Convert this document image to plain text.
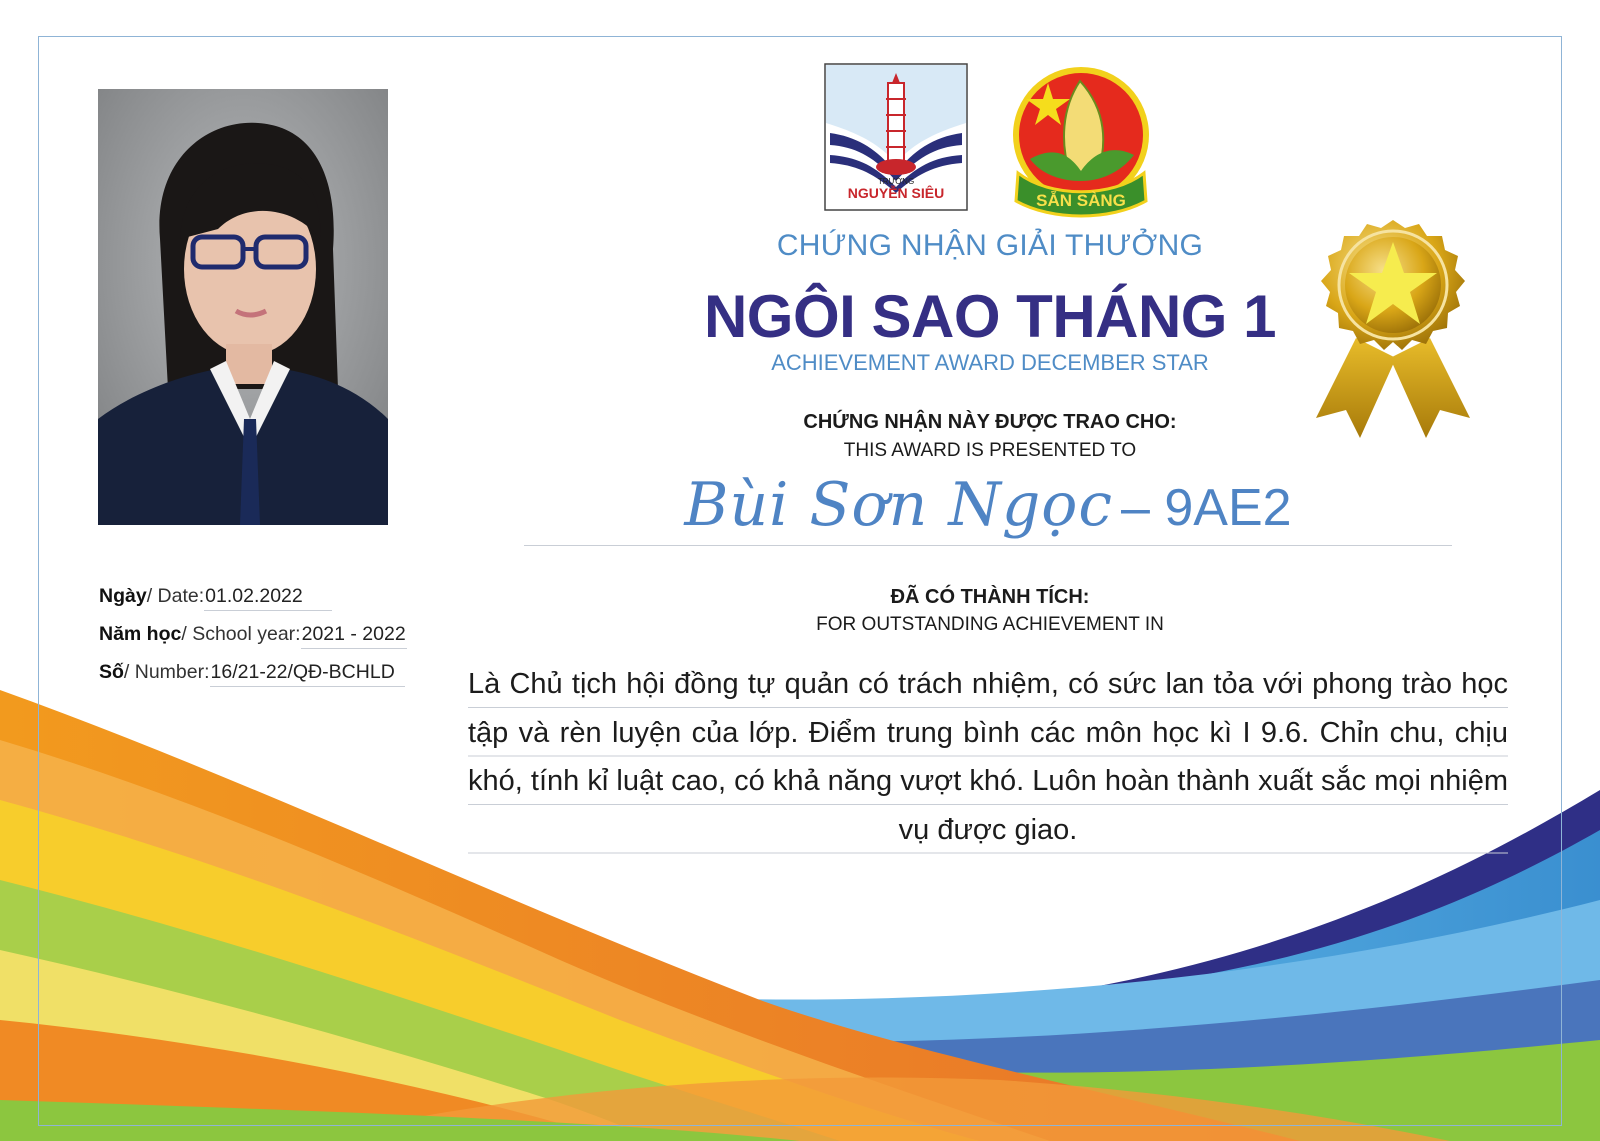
TRƯỜNG
NGUYỄN SIÊU	SẴN SÀNG
CHỨNG NHẬN GIẢI THƯỞNG
NGÔI SAO THÁNG 1
ACHIEVEMENT AWARD DECEMBER STAR
CHỨNG NHẬN NÀY ĐƯỢC TRAO CHO:
THIS AWARD IS PRESENTED TO
Bùi Sơn Ngọc – 9AE2
ĐÃ CÓ THÀNH TÍCH:
FOR OUTSTANDING ACHIEVEMENT IN
Là Chủ tịch hội đồng tự quản có trách nhiệm, có sức lan tỏa với phong trào học tập và rèn luyện của lớp. Điểm trung bình các môn học kì I 9.6. Chỉn chu, chịu khó, tính kỉ luật cao, có khả năng vượt khó. Luôn hoàn thành xuất sắc mọi nhiệm vụ được giao.
Ngày / Date: 01.02.2022
Năm học / School year: 2021 - 2022
Số / Number: 16/21-22/QĐ-BCHLD
